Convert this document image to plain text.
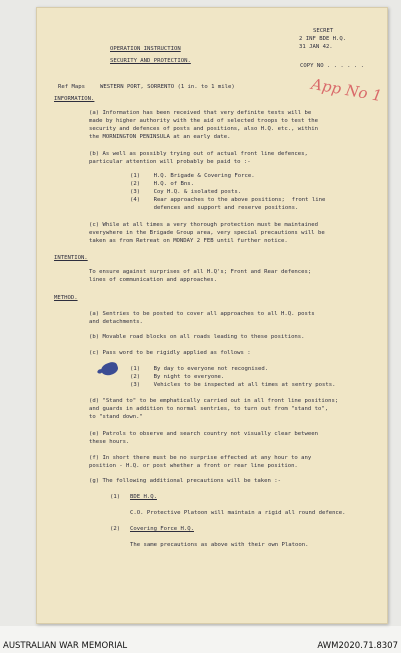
SECRET
2 INF BDE H.Q.
31 JAN 42.
OPERATION INSTRUCTION
SECURITY AND PROTECTION.
COPY NO . . . . . .
App No 1
Ref Maps	WESTERN PORT, SORRENTO (1 in. to 1 mile)
INFORMATION.
(a) Information has been received that very definite tests will be
made by higher authority with the aid of selected troops to test the
security and defences of posts and positions, also H.Q. etc., within
the MORNINGTON PENINSULA at an early date.
(b) As well as possibly trying out of actual front line defences,
particular attention will probably be paid to :-
(1)    H.Q. Brigade & Covering Force.
(2)    H.Q. of Bns.
(3)    Coy H.Q. & isolated posts.
(4)    Rear approaches to the above positions;  front line
defences and support and reserve positions.
(c) While at all times a very thorough protection must be maintained
everywhere in the Brigade Group area, very special precautions will be
taken as from Retreat on MONDAY 2 FEB until further notice.
INTENTION.
To ensure against surprises of all H.Q's; Front and Rear defences;
lines of communication and approaches.
METHOD.
(a) Sentries to be posted to cover all approaches to all H.Q. posts
and detachments.
(b) Movable road blocks on all roads leading to these positions.
(c) Pass word to be rigidly applied as follows :
(1)    By day to everyone not recognised.
(2)    By night to everyone.
(3)    Vehicles to be inspected at all times at sentry posts.
(d) "Stand to" to be emphatically carried out in all front line positions;
and guards in addition to normal sentries, to turn out from "stand to",
to "stand down."
(e) Patrols to observe and search country not visually clear between
these hours.
(f) In short there must be no surprise effected at any hour to any
position - H.Q. or post whether a front or rear line position.
(g) The following additional precautions will be taken :-
(1) BDE H.Q.
C.O. Protective Platoon will maintain a rigid all round defence.
(2) Covering Force H.Q.
The same precautions as above with their own Platoon.
AUSTRALIAN WAR MEMORIAL	AWM2020.71.8307
